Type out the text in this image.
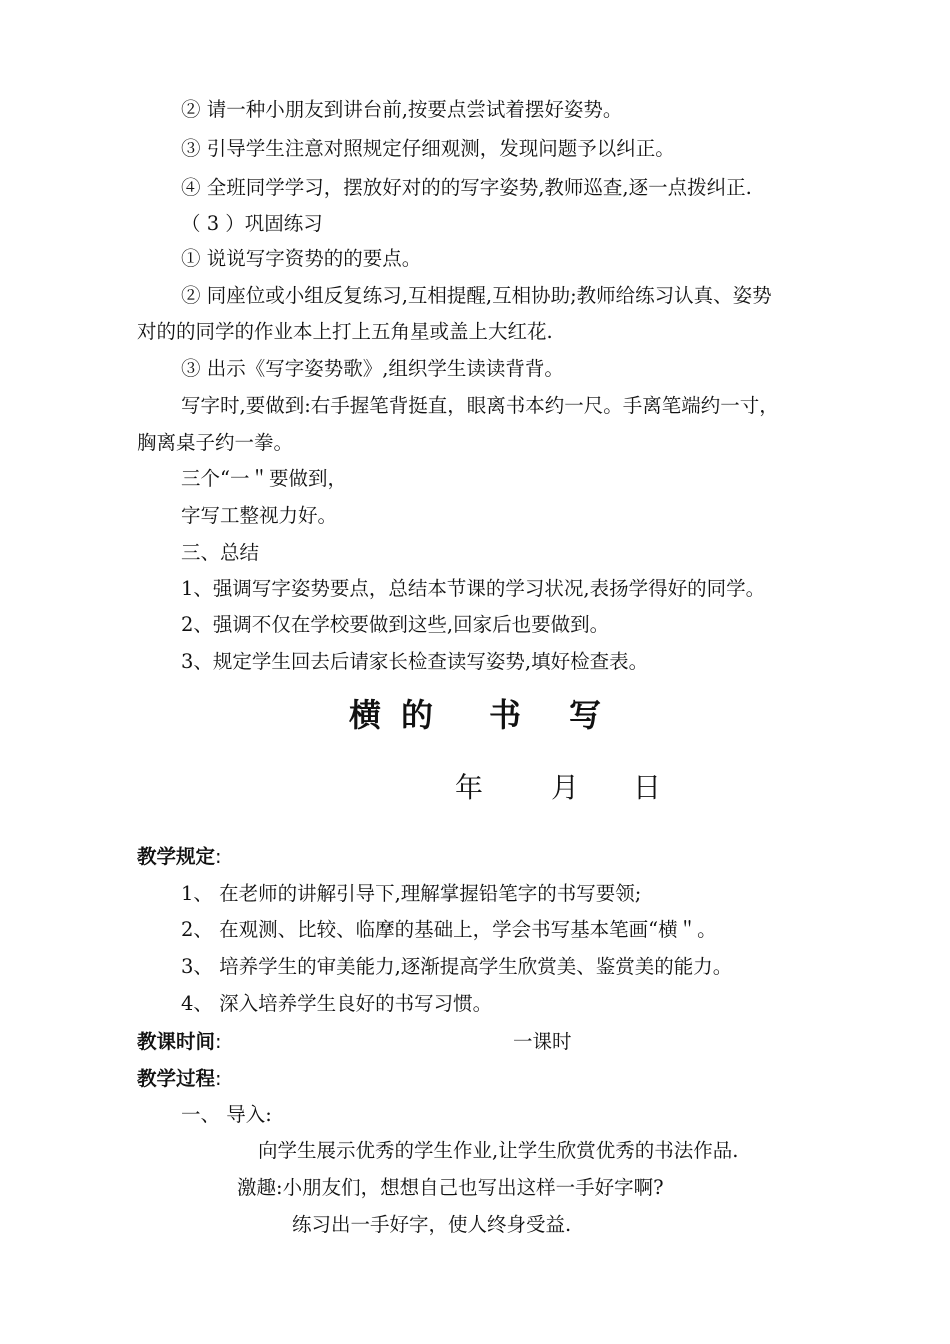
② 请一种小朋友到讲台前,按要点尝试着摆好姿势。
③ 引导学生注意对照规定仔细观测，发现问题予以纠正。
④ 全班同学学习，摆放好对的的写字姿势,教师巡查,逐一点拨纠正.
（ 3 ）巩固练习
① 说说写字资势的的要点。
② 同座位或小组反复练习,互相提醒,互相协助;教师给练习认真、姿势
对的的同学的作业本上打上五角星或盖上大红花.
③ 出示《写字姿势歌》,组织学生读读背背。
写字时,要做到:右手握笔背挺直，眼离书本约一尺。手离笔端约一寸，
胸离桌子约一拳。
三个“一＂要做到，
字写工整视力好。
三、总结
1、强调写字姿势要点，总结本节课的学习状况,表扬学得好的同学。
2、强调不仅在学校要做到这些,回家后也要做到。
3、规定学生回去后请家长检查读写姿势,填好检查表。
横 的 书 写
年 月 日
教学规定:
1、 在老师的讲解引导下,理解掌握铅笔字的书写要领;
2、 在观测、比较、临摩的基础上，学会书写基本笔画“横＂。
3、 培养学生的审美能力,逐渐提高学生欣赏美、鉴赏美的能力。
4、 深入培养学生良好的书写习惯。
教课时间:	一课时
教学过程:
一、 导入:
向学生展示优秀的学生作业,让学生欣赏优秀的书法作品.
激趣:小朋友们，想想自己也写出这样一手好字啊?
练习出一手好字，使人终身受益.
